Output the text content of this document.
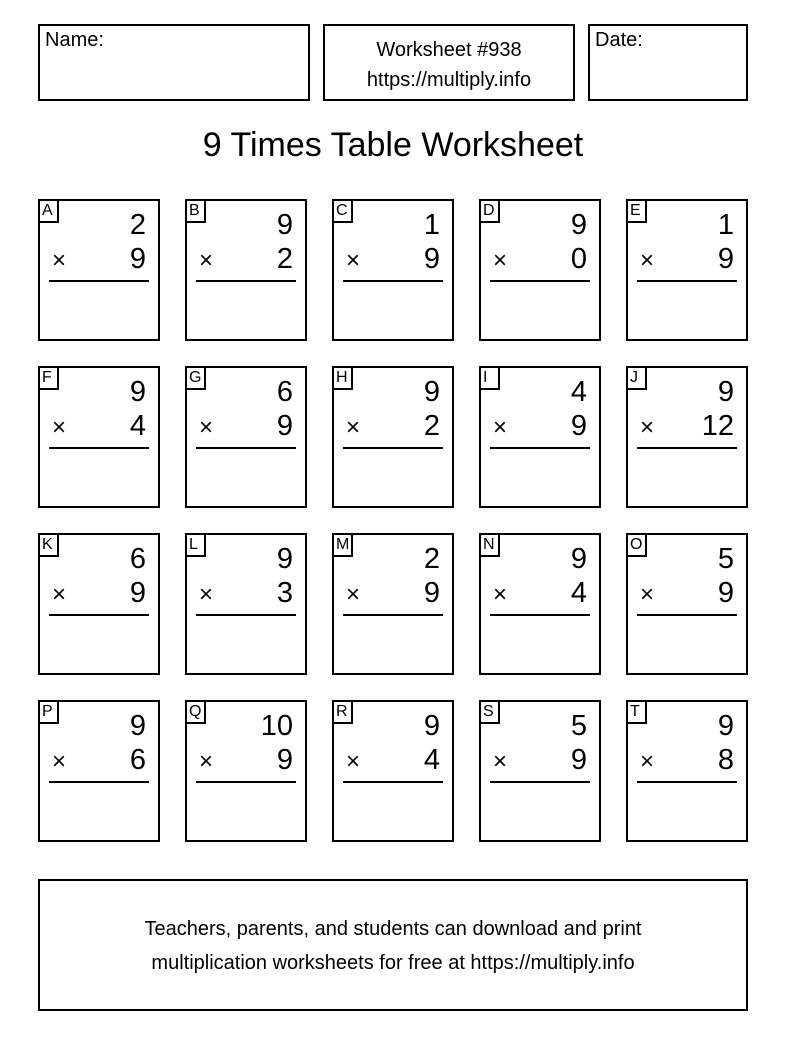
Name:	Worksheet #938
https://multiply.info
Date:
9 Times Table Worksheet
A	2
× 9
B	9
× 2
C	1
× 9
D	9
× 0
E	1
× 9
F	9
× 4
G	6
× 9
H	9
× 2
I	4
× 9
J	9
× 12
K	6
× 9
L	9
× 3
M	2
× 9
N	9
× 4
O	5
× 9
P	9
× 6
Q 10
× 9
R	9
× 4
S	5
× 9
T	9
× 8
Teachers, parents, and students can download and print
multiplication worksheets for free at https://multiply.info
